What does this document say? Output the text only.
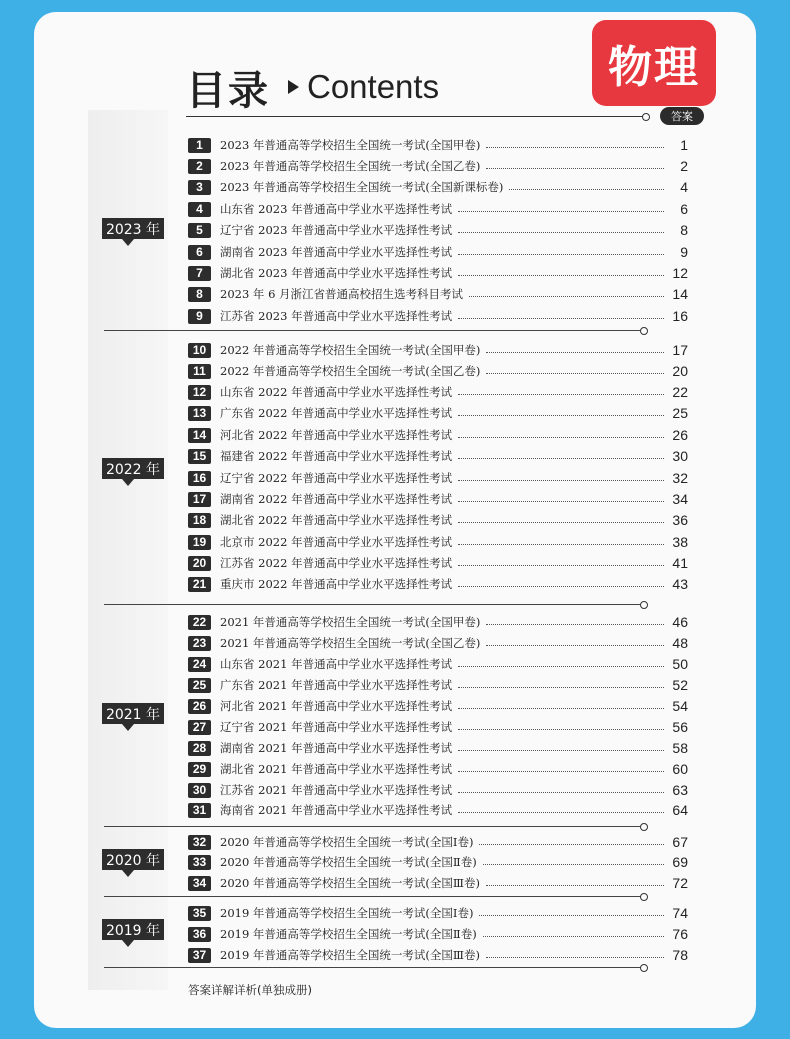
目录 Contents	物理
答案
1	2023 年普通高等学校招生全国统一考试(全国甲卷)	1
2	2023 年普通高等学校招生全国统一考试(全国乙卷)	2
3	2023 年普通高等学校招生全国统一考试(全国新课标卷)	4
4	山东省 2023 年普通高中学业水平选择性考试	6
5	辽宁省 2023 年普通高中学业水平选择性考试	8
6	湖南省 2023 年普通高中学业水平选择性考试	9
7	湖北省 2023 年普通高中学业水平选择性考试	12
8	2023 年 6 月浙江省普通高校招生选考科目考试	14
9	江苏省 2023 年普通高中学业水平选择性考试	16
10	2022 年普通高等学校招生全国统一考试(全国甲卷)	17
11	2022 年普通高等学校招生全国统一考试(全国乙卷)	20
12	山东省 2022 年普通高中学业水平选择性考试	22
13	广东省 2022 年普通高中学业水平选择性考试	25
14	河北省 2022 年普通高中学业水平选择性考试	26
15	福建省 2022 年普通高中学业水平选择性考试	30
16	辽宁省 2022 年普通高中学业水平选择性考试	32
17	湖南省 2022 年普通高中学业水平选择性考试	34
18	湖北省 2022 年普通高中学业水平选择性考试	36
19	北京市 2022 年普通高中学业水平选择性考试	38
20	江苏省 2022 年普通高中学业水平选择性考试	41
21	重庆市 2022 年普通高中学业水平选择性考试	43
22	2021 年普通高等学校招生全国统一考试(全国甲卷)	46
23	2021 年普通高等学校招生全国统一考试(全国乙卷)	48
24	山东省 2021 年普通高中学业水平选择性考试	50
25	广东省 2021 年普通高中学业水平选择性考试	52
26	河北省 2021 年普通高中学业水平选择性考试	54
27	辽宁省 2021 年普通高中学业水平选择性考试	56
28	湖南省 2021 年普通高中学业水平选择性考试	58
29	湖北省 2021 年普通高中学业水平选择性考试	60
30	江苏省 2021 年普通高中学业水平选择性考试	63
31	海南省 2021 年普通高中学业水平选择性考试	64
32	2020 年普通高等学校招生全国统一考试(全国Ⅰ卷)	67
33	2020 年普通高等学校招生全国统一考试(全国Ⅱ卷)	69
34	2020 年普通高等学校招生全国统一考试(全国Ⅲ卷)	72
35	2019 年普通高等学校招生全国统一考试(全国Ⅰ卷)	74
36	2019 年普通高等学校招生全国统一考试(全国Ⅱ卷)	76
37	2019 年普通高等学校招生全国统一考试(全国Ⅲ卷)	78
2023 年
2022 年
2021 年
2020 年
2019 年
答案详解详析(单独成册)
